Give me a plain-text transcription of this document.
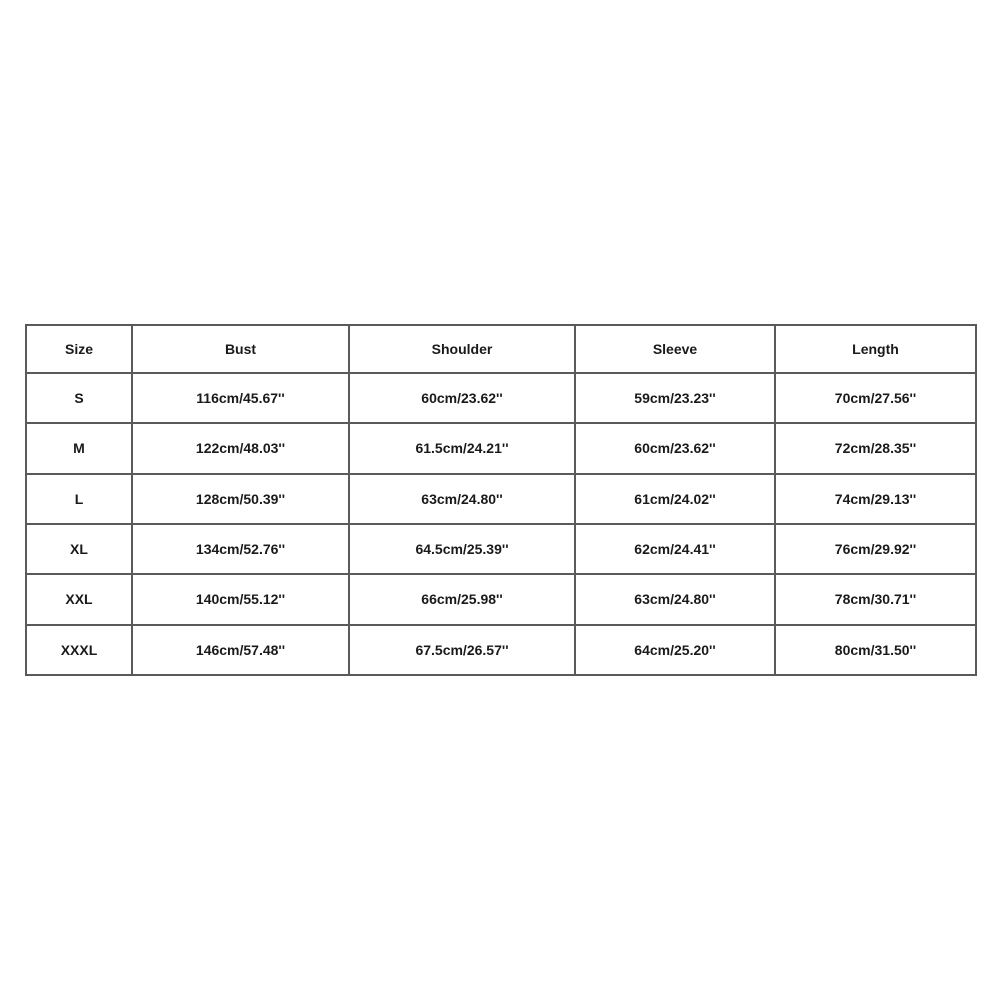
Size	Bust	Shoulder	Sleeve	Length
S	116cm/45.67''	60cm/23.62''	59cm/23.23''	70cm/27.56''
M	122cm/48.03''	61.5cm/24.21''	60cm/23.62''	72cm/28.35''
L	128cm/50.39''	63cm/24.80''	61cm/24.02''	74cm/29.13''
XL	134cm/52.76''	64.5cm/25.39''	62cm/24.41''	76cm/29.92''
XXL	140cm/55.12''	66cm/25.98''	63cm/24.80''	78cm/30.71''
XXXL	146cm/57.48''	67.5cm/26.57''	64cm/25.20''	80cm/31.50''
